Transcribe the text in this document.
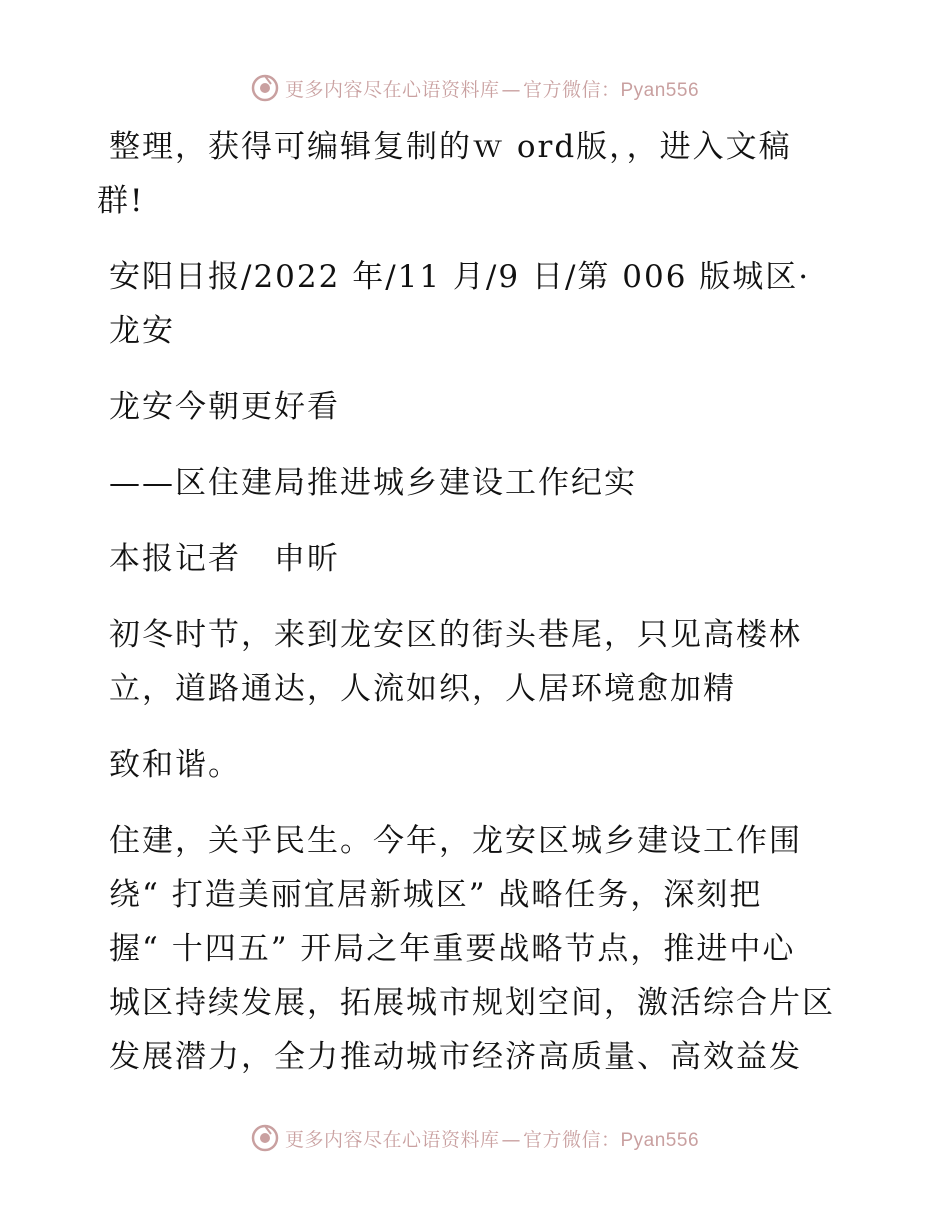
更多内容尽在心语资料库 — 官方微信：Pyan556

整理，获得可编辑复制的ｗ ord版，，进入文稿
群!

安阳日报/2022 年/11 月/9 日/第 006 版城区·
龙安

龙安今朝更好看

——区住建局推进城乡建设工作纪实

本报记者　申昕

初冬时节，来到龙安区的街头巷尾，只见高楼林
立，道路通达，人流如织，人居环境愈加精

致和谐。

住建，关乎民生。今年，龙安区城乡建设工作围
绕“ 打造美丽宜居新城区” 战略任务，深刻把
握“ 十四五” 开局之年重要战略节点，推进中心
城区持续发展，拓展城市规划空间，激活综合片区
发展潜力，全力推动城市经济高质量、高效益发

更多内容尽在心语资料库 — 官方微信：Pyan556
